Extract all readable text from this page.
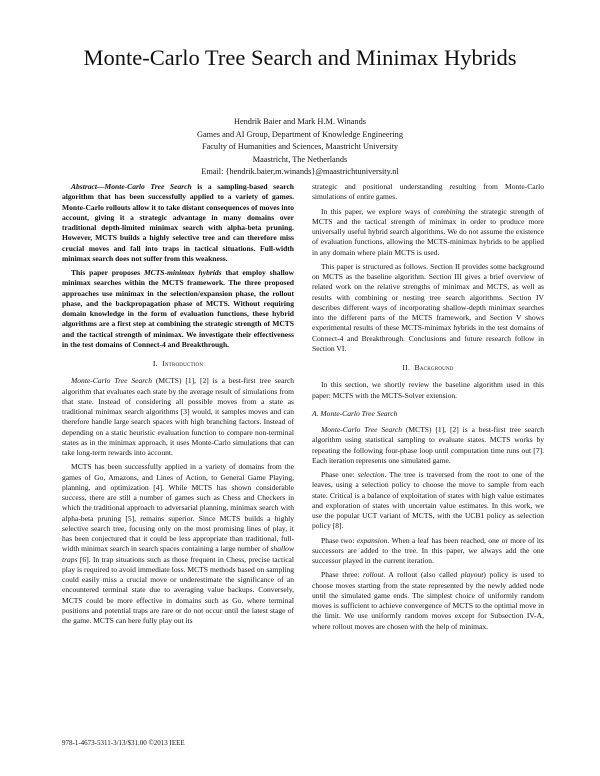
Monte-Carlo Tree Search and Minimax Hybrids
Hendrik Baier and Mark H.M. Winands
Games and AI Group, Department of Knowledge Engineering
Faculty of Humanities and Sciences, Maastricht University
Maastricht, The Netherlands
Email: {hendrik.baier,m.winands}@maastrichtuniversity.nl

Abstract—Monte-Carlo Tree Search is a sampling-based search algorithm that has been successfully applied to a variety of games. Monte-Carlo rollouts allow it to take distant consequences of moves into account, giving it a strategic advantage in many domains over traditional depth-limited minimax search with alpha-beta pruning. However, MCTS builds a highly selective tree and can therefore miss crucial moves and fall into traps in tactical situations. Full-width minimax search does not suffer from this weakness.

This paper proposes MCTS-minimax hybrids that employ shallow minimax searches within the MCTS framework. The three proposed approaches use minimax in the selection/expansion phase, the rollout phase, and the backpropagation phase of MCTS. Without requiring domain knowledge in the form of evaluation functions, these hybrid algorithms are a first step at combining the strategic strength of MCTS and the tactical strength of minimax. We investigate their effectiveness in the test domains of Connect-4 and Breakthrough.

I. Introduction

Monte-Carlo Tree Search (MCTS) [1], [2] is a best-first tree search algorithm that evaluates each state by the average result of simulations from that state. Instead of considering all possible moves from a state as traditional minimax search algorithms [3] would, it samples moves and can therefore handle large search spaces with high branching factors. Instead of depending on a static heuristic evaluation function to compare non-terminal states as in the minimax approach, it uses Monte-Carlo simulations that can take long-term rewards into account.

MCTS has been successfully applied in a variety of domains from the games of Go, Amazons, and Lines of Action, to General Game Playing, planning, and optimization [4]. While MCTS has shown considerable success, there are still a number of games such as Chess and Checkers in which the traditional approach to adversarial planning, minimax search with alpha-beta pruning [5], remains superior. Since MCTS builds a highly selective search tree, focusing only on the most promising lines of play, it has been conjectured that it could be less appropriate than traditional, full-width minimax search in search spaces containing a large number of shallow traps [6]. In trap situations such as those frequent in Chess, precise tactical play is required to avoid immediate loss. MCTS methods based on sampling could easily miss a crucial move or underestimate the significance of an encountered terminal state due to averaging value backups. Conversely, MCTS could be more effective in domains such as Go, where terminal positions and potential traps are rare or do not occur until the latest stage of the game. MCTS can here fully play out its

strategic and positional understanding resulting from Monte-Carlo simulations of entire games.

In this paper, we explore ways of combining the strategic strength of MCTS and the tactical strength of minimax in order to produce more universally useful hybrid search algorithms. We do not assume the existence of evaluation functions, allowing the MCTS-minimax hybrids to be applied in any domain where plain MCTS is used.

This paper is structured as follows. Section II provides some background on MCTS as the baseline algorithm. Section III gives a brief overview of related work on the relative strengths of minimax and MCTS, as well as results with combining or nesting tree search algorithms. Section IV describes different ways of incorporating shallow-depth minimax searches into the different parts of the MCTS framework, and Section V shows experimental results of these MCTS-minimax hybrids in the test domains of Connect-4 and Breakthrough. Conclusions and future research follow in Section VI.

II. Background

In this section, we shortly review the baseline algorithm used in this paper: MCTS with the MCTS-Solver extension.

A. Monte-Carlo Tree Search

Monte-Carlo Tree Search (MCTS) [1], [2] is a best-first tree search algorithm using statistical sampling to evaluate states. MCTS works by repeating the following four-phase loop until computation time runs out [7]. Each iteration represents one simulated game.

Phase one: selection. The tree is traversed from the root to one of the leaves, using a selection policy to choose the move to sample from each state. Critical is a balance of exploitation of states with high value estimates and exploration of states with uncertain value estimates. In this work, we use the popular UCT variant of MCTS, with the UCB1 policy as selection policy [8].

Phase two: expansion. When a leaf has been reached, one or more of its successors are added to the tree. In this paper, we always add the one successor played in the current iteration.

Phase three: rollout. A rollout (also called playout) policy is used to choose moves starting from the state represented by the newly added node until the simulated game ends. The simplest choice of uniformly random moves is sufficient to achieve convergence of MCTS to the optimal move in the limit. We use uniformly random moves except for Subsection IV-A, where rollout moves are chosen with the help of minimax.

978-1-4673-5311-3/13/$31.00 ©2013 IEEE
